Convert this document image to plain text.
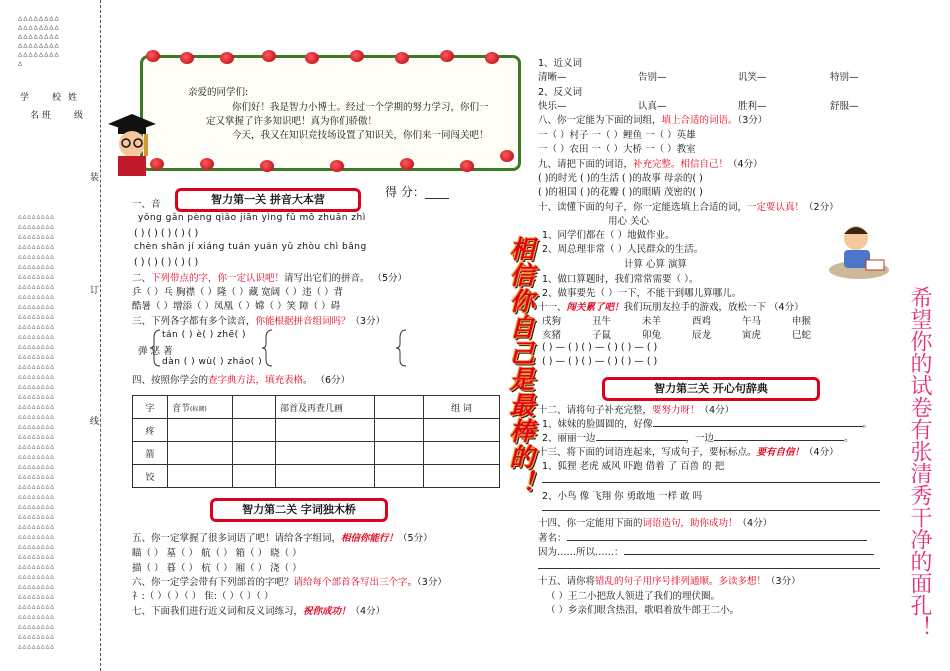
△△△△△△△△
△△△△△△△△
△△△△△△△△
△△△△△△△△
△△△△△△△△
△
学	校 姓
名 班	级
△△△△△△△△
△△△△△△△△
△△△△△△△△
△△△△△△△△
△△△△△△△△
△△△△△△△△
△△△△△△△△
△△△△△△△△
△△△△△△△△
△△△△△△△△
△△△△△△△△
△△△△△△△△
△△△△△△△△
△△△△△△△△
△△△△△△△△
△△△△△△△△
△△△△△△△△
△△△△△△△△
△△△△△△△△
△△△△△△△△
△△△△△△△△
△△△△△△△△
△△△△△△△△
△△△△△△△△
△△△△△△△△
△△△△△△△△
△△△△△△△△
△△△△△△△△
△△△△△△△△
△△△△△△△△
△△△△△△△△
△△△△△△△△
△△△△△△△△
△△△△△△△△
△△△△△△△△
△△△△△△△△
△△△△△△△△
△△△△△△△△
△△△△△△△△
△△△△△△△△
△△△△△△△△
△△△△△△△△
△△△△△△△△
△△△△△△△△
装
订
线
亲爱的同学们:
你们好！我是智力小博士。经过一个学期的努力学习，你们一
定又掌握了许多知识吧！真为你们骄傲！
今天，我又在知识竞技场设置了知识关，你们来一同闯关吧！
得 分：____
智力第一关 拼音大本营
一、音
yǒng gǎn pèng qiǎo jiān yìng fǔ mō zhuān zhì
( ) ( ) ( ) ( ) ( )
chèn shān jí xiáng tuán yuán yǔ zhòu chì bǎng
( ) ( ) ( ) ( ) ( )
二、下列带点的字，你一定认识吧！请写出它们的拼音。 （5分）
乒（ ）乓 胸襟（ ）隆（ ）藏 宽阔（ ）违（ ）背
酷暑（ ）增添（ ）凤凰（ ）嫦（ ）笑 障（ ）碍
三、下列各字都有多个读音，你能根据拼音组词吗？（3分）
tán ( ) è( ) zhē( )
弹 恶 著
dàn ( ) wù( ) zháo( )
四、按照你学会的查字典方法，填充表格。 （6分）
字	音节(标调)		部首及再查几画		组 词
疼					
箭					
饺					
智力第二关 字词独木桥
五、你一定掌握了很多词语了吧！请给各字组词，相信你能行！（5分）
瞄（ ） 墓（ ） 航（ ） 箱（ ） 晓（ ）
描（ ） 暮（ ） 杭（ ） 厢（ ） 浇（ ）
六、你一定学会带有下列部首的字吧？请给每个部首各写出三个字。（3分）
礻:（ ）（ ）（ ） 隹:（ ）（ ）（ ）
七、下面我们进行近义词和反义词练习，祝你成功！（4分）
相信你自己是最棒的！
1、近义词
清晰—	告别—	讥笑—	特别—
2、反义词
快乐—	认真—	胜利—	舒服—
八、你一定能为下面的词组，填上合适的词语。（3分）
一（ ）村子 一（ ）鲤鱼 一（ ）英雄
一（ ）农田 一（ ）大桥 一（ ）教室
九、请把下面的词语，补充完整。相信自己！（4分）
( )的时光 ( )的生活 ( )的故事 母亲的( )
( )的祖国 ( )的花瓣 ( )的眼睛 茂密的( )
十、读懂下面的句子，你一定能选填上合适的词，一定要认真！（2分）
用心 关心
1、同学们都在（ ）地做作业。
2、周总理非常（ ）人民群众的生活。
计算 心算 演算
1、做口算题时，我们常常需要（ ）。
2、做事要先（ ）一下，不能干到哪儿算哪儿。
十一、闯关累了吧！我们玩朋友拉手的游戏，放松一下 （4分）
戌狗	丑牛	未羊	酉鸡	午马	申猴
亥猪	子鼠	卯兔	辰龙	寅虎	巳蛇
( ) — ( ) ( ) — ( ) ( ) — ( )
( ) — ( ) ( ) — ( ) ( ) — ( )
智力第三关 开心句辞典
十二、请将句子补充完整，要努力呀！（4分）
1、妹妹的脸圆圆的，好像	。
2、丽丽一边	，一边	。
十三、将下面的词语连起来，写成句子，要标标点。要有自信！（4分）
1、狐狸 老虎 威风 吓跑 借着 了 百兽 的 把
2、小鸟 像 飞翔 你 勇敢地 一样 敢 吗
十四、你一定能用下面的词语造句，助你成功！（4分）
著名：
因为……所以……：
十五、请你将错乱的句子用序号排列通顺。多读多想！（3分）
（ ）王二小把敌人领进了我们的埋伏圈。
（ ）乡亲们眼含热泪，歌唱着放牛郎王二小。	希望你的试卷有张清秀干净的面孔！
